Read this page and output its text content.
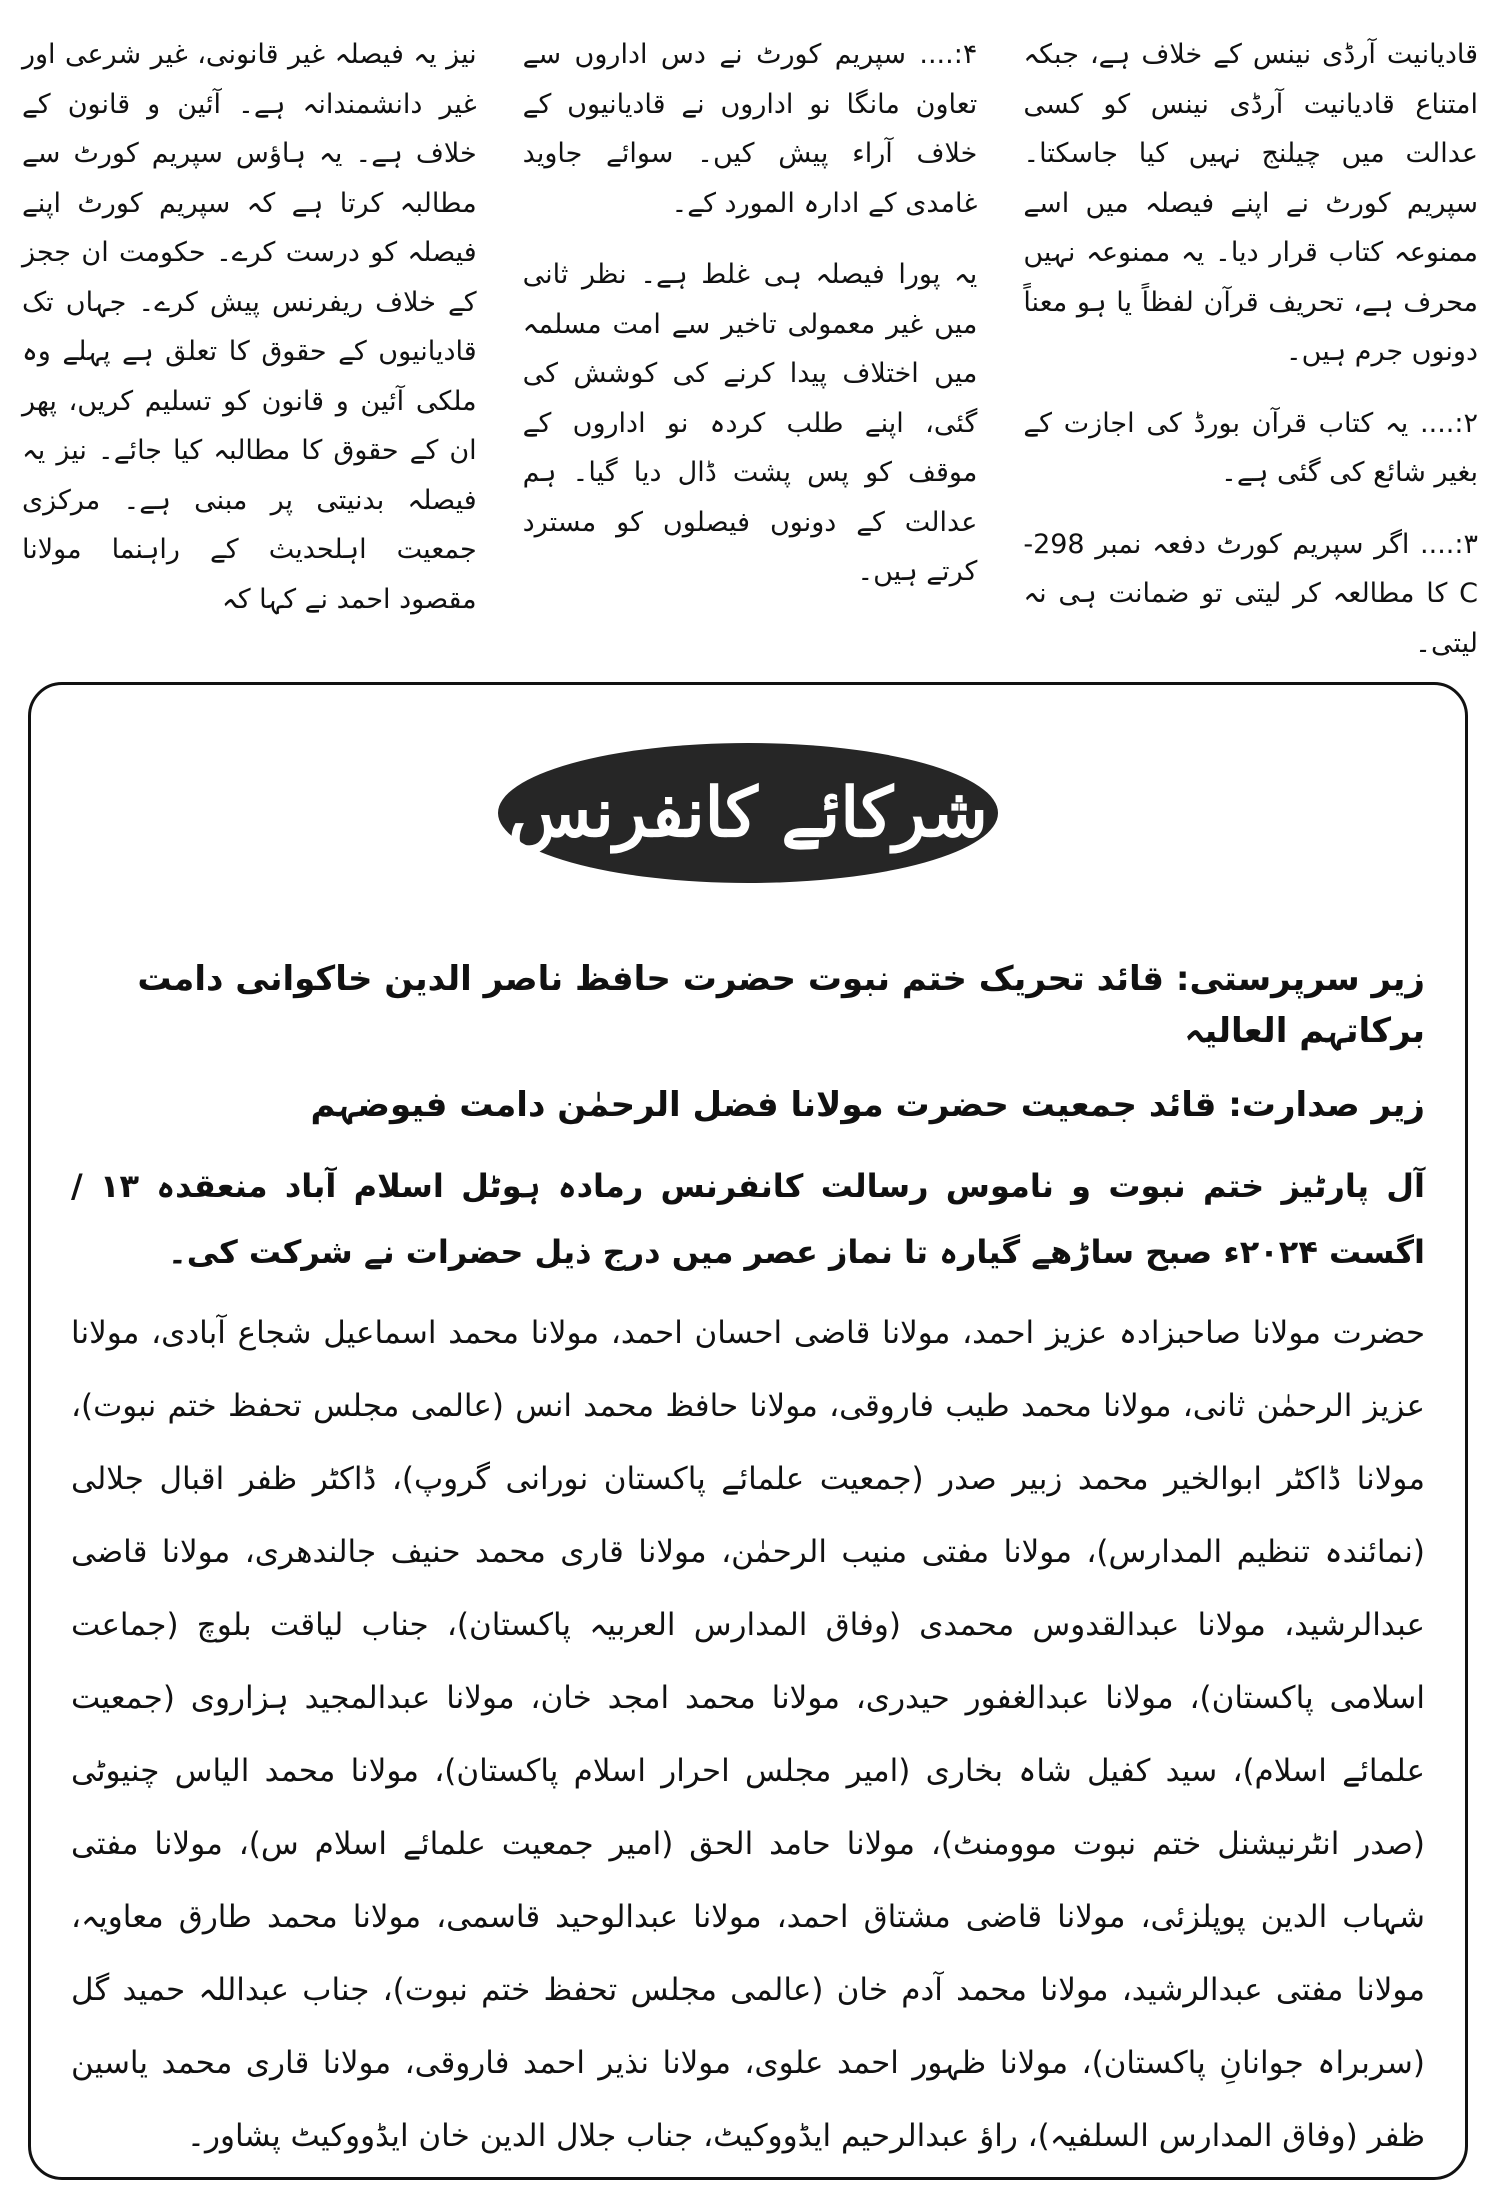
قادیانیت آرڈی نینس کے خلاف ہے، جبکہ امتناع قادیانیت آرڈی نینس کو کسی عدالت میں چیلنج نہیں کیا جاسکتا۔ سپریم کورٹ نے اپنے فیصلہ میں اسے ممنوعہ کتاب قرار دیا۔ یہ ممنوعہ نہیں محرف ہے، تحریف قرآن لفظاً یا ہو معناً دونوں جرم ہیں۔

۲:.... یہ کتاب قرآن بورڈ کی اجازت کے بغیر شائع کی گئی ہے۔

۳:.... اگر سپریم کورٹ دفعہ نمبر 298-C کا مطالعہ کر لیتی تو ضمانت ہی نہ لیتی۔

۴:.... سپریم کورٹ نے دس اداروں سے تعاون مانگا نو اداروں نے قادیانیوں کے خلاف آراء پیش کیں۔ سوائے جاوید غامدی کے ادارہ المورد کے۔

یہ پورا فیصلہ ہی غلط ہے۔ نظر ثانی میں غیر معمولی تاخیر سے امت مسلمہ میں اختلاف پیدا کرنے کی کوشش کی گئی، اپنے طلب کردہ نو اداروں کے موقف کو پس پشت ڈال دیا گیا۔ ہم عدالت کے دونوں فیصلوں کو مسترد کرتے ہیں۔

نیز یہ فیصلہ غیر قانونی، غیر شرعی اور غیر دانشمندانہ ہے۔ آئین و قانون کے خلاف ہے۔ یہ ہاؤس سپریم کورٹ سے مطالبہ کرتا ہے کہ سپریم کورٹ اپنے فیصلہ کو درست کرے۔ حکومت ان ججز کے خلاف ریفرنس پیش کرے۔ جہاں تک قادیانیوں کے حقوق کا تعلق ہے پہلے وہ ملکی آئین و قانون کو تسلیم کریں، پھر ان کے حقوق کا مطالبہ کیا جائے۔ نیز یہ فیصلہ بدنیتی پر مبنی ہے۔ مرکزی جمعیت اہلحدیث کے راہنما مولانا مقصود احمد نے کہا کہ

شرکائے کانفرنس

زیر سرپرستی: قائد تحریک ختم نبوت حضرت حافظ ناصر الدین خاکوانی دامت برکاتہم العالیہ

زیر صدارت: قائد جمعیت حضرت مولانا فضل الرحمٰن دامت فیوضہم

آل پارٹیز ختم نبوت و ناموس رسالت کانفرنس رمادہ ہوٹل اسلام آباد منعقدہ ۱۳ /اگست ۲۰۲۴ء صبح ساڑھے گیارہ تا نماز عصر میں درج ذیل حضرات نے شرکت کی۔

حضرت مولانا صاحبزادہ عزیز احمد، مولانا قاضی احسان احمد، مولانا محمد اسماعیل شجاع آبادی، مولانا عزیز الرحمٰن ثانی، مولانا محمد طیب فاروقی، مولانا حافظ محمد انس (عالمی مجلس تحفظ ختم نبوت)، مولانا ڈاکٹر ابوالخیر محمد زبیر صدر (جمعیت علمائے پاکستان نورانی گروپ)، ڈاکٹر ظفر اقبال جلالی (نمائندہ تنظیم المدارس)، مولانا مفتی منیب الرحمٰن، مولانا قاری محمد حنیف جالندھری، مولانا قاضی عبدالرشید، مولانا عبدالقدوس محمدی (وفاق المدارس العربیہ پاکستان)، جناب لیاقت بلوچ (جماعت اسلامی پاکستان)، مولانا عبدالغفور حیدری، مولانا محمد امجد خان، مولانا عبدالمجید ہزاروی (جمعیت علمائے اسلام)، سید کفیل شاہ بخاری (امیر مجلس احرار اسلام پاکستان)، مولانا محمد الیاس چنیوٹی (صدر انٹرنیشنل ختم نبوت موومنٹ)، مولانا حامد الحق (امیر جمعیت علمائے اسلام س)، مولانا مفتی شہاب الدین پوپلزئی، مولانا قاضی مشتاق احمد، مولانا عبدالوحید قاسمی، مولانا محمد طارق معاویہ، مولانا مفتی عبدالرشید، مولانا محمد آدم خان (عالمی مجلس تحفظ ختم نبوت)، جناب عبداللہ حمید گل (سربراہ جوانانِ پاکستان)، مولانا ظہور احمد علوی، مولانا نذیر احمد فاروقی، مولانا قاری محمد یاسین ظفر (وفاق المدارس السلفیہ)، راؤ عبدالرحیم ایڈووکیٹ، جناب جلال الدین خان ایڈووکیٹ پشاور۔
